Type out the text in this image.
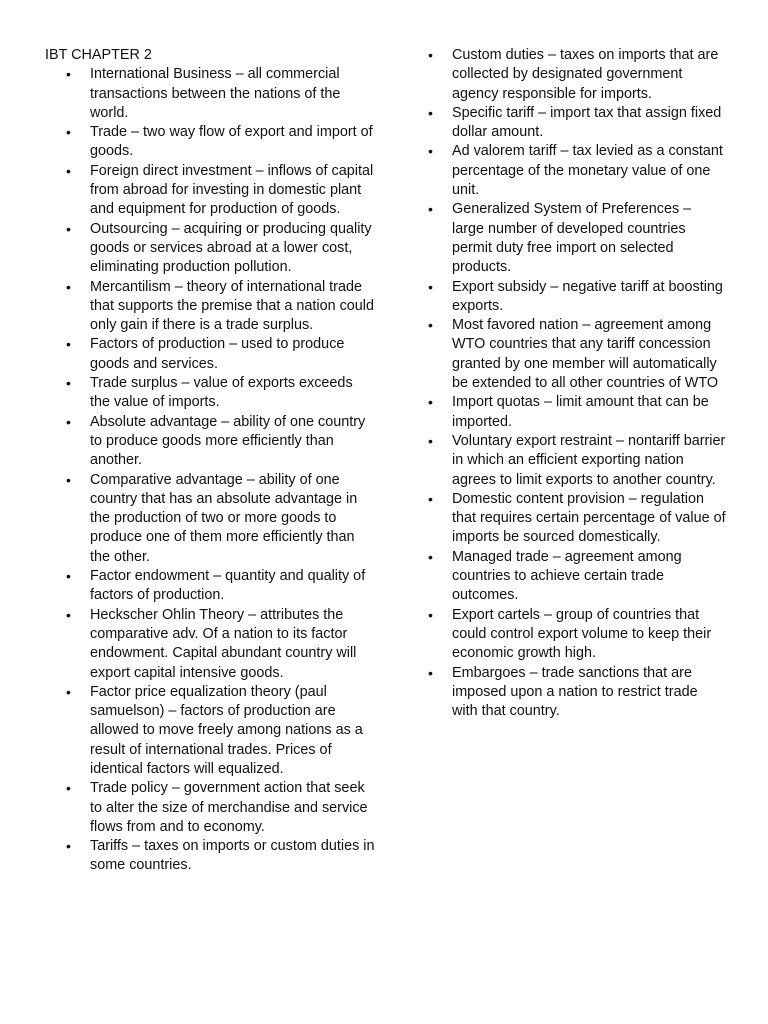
IBT CHAPTER 2
• International Business – all commercial transactions between the nations of the world.
• Trade – two way flow of export and import of goods.
• Foreign direct investment – inflows of capital from abroad for investing in domestic plant and equipment for production of goods.
• Outsourcing – acquiring or producing quality goods or services abroad at a lower cost, eliminating production pollution.
• Mercantilism – theory of international trade that supports the premise that a nation could only gain if there is a trade surplus.
• Factors of production – used to produce goods and services.
• Trade surplus – value of exports exceeds the value of imports.
• Absolute advantage – ability of one country to produce goods more efficiently than another.
• Comparative advantage – ability of one country that has an absolute advantage in the production of two or more goods to produce one of them more efficiently than the other.
• Factor endowment – quantity and quality of factors of production.
• Heckscher Ohlin Theory – attributes the comparative adv. Of a nation to its factor endowment. Capital abundant country will export capital intensive goods.
• Factor price equalization theory (paul samuelson) – factors of production are allowed to move freely among nations as a result of international trades. Prices of identical factors will equalized.
• Trade policy – government action that seek to alter the size of merchandise and service flows from and to economy.
• Tariffs – taxes on imports or custom duties in some countries.
• Custom duties – taxes on imports that are collected by designated government agency responsible for imports.
• Specific tariff – import tax that assign fixed dollar amount.
• Ad valorem tariff – tax levied as a constant percentage of the monetary value of one unit.
• Generalized System of Preferences – large number of developed countries permit duty free import on selected products.
• Export subsidy – negative tariff at boosting exports.
• Most favored nation – agreement among WTO countries that any tariff concession granted by one member will automatically be extended to all other countries of WTO
• Import quotas – limit amount that can be imported.
• Voluntary export restraint – nontariff barrier in which an efficient exporting nation agrees to limit exports to another country.
• Domestic content provision – regulation that requires certain percentage of value of imports be sourced domestically.
• Managed trade – agreement among countries to achieve certain trade outcomes.
• Export cartels – group of countries that could control export volume to keep their economic growth high.
• Embargoes – trade sanctions that are imposed upon a nation to restrict trade with that country.
